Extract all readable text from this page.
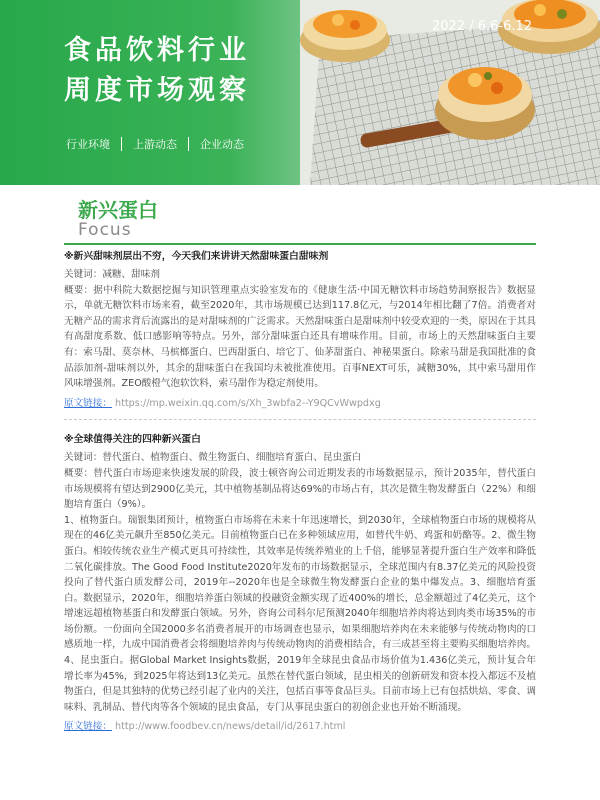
食品饮料行业
周度市场观察
2022 / 6.6-6.12
行业环境 上游动态 企业动态
新兴蛋白
Focus
※新兴甜味剂层出不穷，今天我们来讲讲天然甜味蛋白甜味剂
关键词：减糖、甜味剂
概要：据中科院大数据挖掘与知识管理重点实验室发布的《健康生活·中国无糖饮料市场趋势洞察报告》数据显示，单就无糖饮料市场来看，截至2020年，其市场规模已达到117.8亿元，与2014年相比翻了7倍。消费者对无糖产品的需求背后流露出的是对甜味剂的广泛需求。天然甜味蛋白是甜味剂中较受欢迎的一类，原因在于其具有高甜度系数、低口感影响等特点。另外，部分甜味蛋白还具有增味作用。目前，市场上的天然甜味蛋白主要有：索马甜、莫奈林、马槟榔蛋白、巴西甜蛋白、培它丁、仙茅甜蛋白、神秘果蛋白。除索马甜是我国批准的食品添加剂-甜味剂以外，其余的甜味蛋白在我国均未被批准使用。百事NEXT可乐，减糖30%，其中索马甜用作风味增强剂。ZEO酸橙气泡软饮料，索马甜作为稳定剂使用。
原文链接： https://mp.weixin.qq.com/s/Xh_3wbfa2--Y9QCvWwpdxg
※全球值得关注的四种新兴蛋白
关键词：替代蛋白、植物蛋白、微生物蛋白、细胞培育蛋白、昆虫蛋白
概要：替代蛋白市场迎来快速发展的阶段，波士顿咨询公司近期发表的市场数据显示，预计2035年，替代蛋白市场规模将有望达到2900亿美元，其中植物基制品将达69%的市场占有，其次是微生物发酵蛋白（22%）和细胞培育蛋白（9%）。
1、植物蛋白。瑞银集团预计，植物蛋白市场将在未来十年迅速增长，到2030年，全球植物蛋白市场的规模将从现在的46亿美元飙升至850亿美元。目前植物蛋白已在多种领域应用，如替代牛奶、鸡蛋和奶酪等。2、微生物蛋白。相较传统农业生产模式更具可持续性，其效率是传统养殖业的上千倍，能够显著提升蛋白生产效率和降低二氧化碳排放。The Good Food Institute2020年发布的市场数据显示，全球范围内有8.37亿美元的风险投资投向了替代蛋白质发酵公司，2019年--2020年也是全球微生物发酵蛋白企业的集中爆发点。3、细胞培育蛋白。数据显示，2020年，细胞培养蛋白领域的投融资金额实现了近400%的增长，总金额超过了4亿美元，这个增速远超植物基蛋白和发酵蛋白领域。另外，咨询公司科尔尼预测2040年细胞培养肉将达到肉类市场35%的市场份额。一份面向全国2000多名消费者展开的市场调查也显示，如果细胞培养肉在未来能够与传统动物肉的口感质地一样，九成中国消费者会将细胞培养肉与传统动物肉的消费相结合，有三成甚至将主要购买细胞培养肉。4、昆虫蛋白。据Global Market Insights数据，2019年全球昆虫食品市场价值为1.436亿美元，预计复合年增长率为45%，到2025年将达到13亿美元。虽然在替代蛋白领域，昆虫相关的创新研发和资本投入都远不及植物蛋白，但是其独特的优势已经引起了业内的关注，包括百事等食品巨头。目前市场上已有包括烘焙、零食、调味料、乳制品、替代肉等各个领域的昆虫食品，专门从事昆虫蛋白的初创企业也开始不断涌现。
原文链接： http://www.foodbev.cn/news/detail/id/2617.html
